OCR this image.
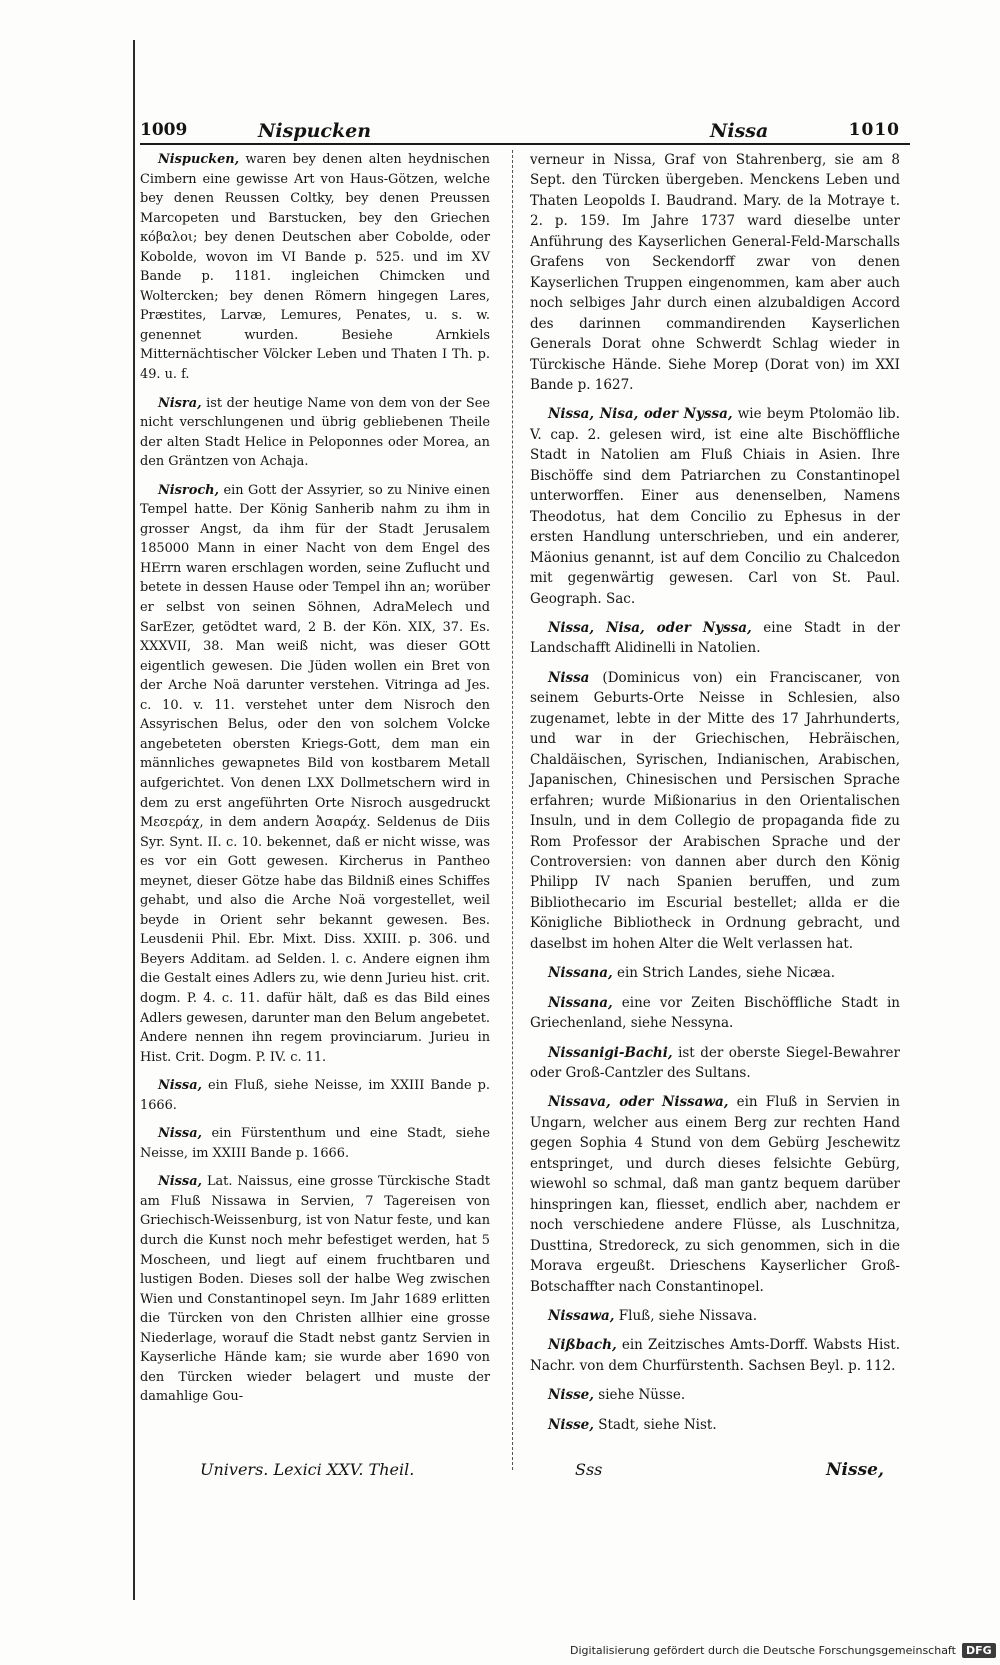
1009	Nispucken	Nissa	1010

Nispucken, waren bey denen alten heydnischen Cimbern eine gewisse Art von Haus-Götzen, welche bey denen Reussen Coltky, bey denen Preussen Marcopeten und Barstucken, bey den Griechen κόβαλοι; bey denen Deutschen aber Cobolde, oder Kobolde, wovon im VI Bande p. 525. und im XV Bande p. 1181. ingleichen Chimcken und Woltercken; bey denen Römern hingegen Lares, Præstites, Larvæ, Lemures, Penates, u. s. w. genennet wurden. Besiehe Arnkiels Mitternächtischer Völcker Leben und Thaten I Th. p. 49. u. f.

Nisra, ist der heutige Name von dem von der See nicht verschlungenen und übrig gebliebenen Theile der alten Stadt Helice in Peloponnes oder Morea, an den Gräntzen von Achaja.

Nisroch, ein Gott der Assyrier, so zu Ninive einen Tempel hatte. Der König Sanherib nahm zu ihm in grosser Angst, da ihm für der Stadt Jerusalem 185000 Mann in einer Nacht von dem Engel des HErrn waren erschlagen worden, seine Zuflucht und betete in dessen Hause oder Tempel ihn an; worüber er selbst von seinen Söhnen, AdraMelech und SarEzer, getödtet ward, 2 B. der Kön. XIX, 37. Es. XXXVII, 38. Man weiß nicht, was dieser GOtt eigentlich gewesen. Die Jüden wollen ein Bret von der Arche Noä darunter verstehen. Vitringa ad Jes. c. 10. v. 11. verstehet unter dem Nisroch den Assyrischen Belus, oder den von solchem Volcke angebeteten obersten Kriegs-Gott, dem man ein männliches gewapnetes Bild von kostbarem Metall aufgerichtet. Von denen LXX Dollmetschern wird in dem zu erst angeführten Orte Nisroch ausgedruckt Μεσεράχ, in dem andern Ἀσαράχ. Seldenus de Diis Syr. Synt. II. c. 10. bekennet, daß er nicht wisse, was es vor ein Gott gewesen. Kircherus in Pantheo meynet, dieser Götze habe das Bildniß eines Schiffes gehabt, und also die Arche Noä vorgestellet, weil beyde in Orient sehr bekannt gewesen. Bes. Leusdenii Phil. Ebr. Mixt. Diss. XXIII. p. 306. und Beyers Additam. ad Selden. l. c. Andere eignen ihm die Gestalt eines Adlers zu, wie denn Jurieu hist. crit. dogm. P. 4. c. 11. dafür hält, daß es das Bild eines Adlers gewesen, darunter man den Belum angebetet. Andere nennen ihn regem provinciarum. Jurieu in Hist. Crit. Dogm. P. IV. c. 11.

Nissa, ein Fluß, siehe Neisse, im XXIII Bande p. 1666.

Nissa, ein Fürstenthum und eine Stadt, siehe Neisse, im XXIII Bande p. 1666.

Nissa, Lat. Naissus, eine grosse Türckische Stadt am Fluß Nissawa in Servien, 7 Tagereisen von Griechisch-Weissenburg, ist von Natur feste, und kan durch die Kunst noch mehr befestiget werden, hat 5 Moscheen, und liegt auf einem fruchtbaren und lustigen Boden. Dieses soll der halbe Weg zwischen Wien und Constantinopel seyn. Im Jahr 1689 erlitten die Türcken von den Christen allhier eine grosse Niederlage, worauf die Stadt nebst gantz Servien in Kayserliche Hände kam; sie wurde aber 1690 von den Türcken wieder belagert und muste der damahlige Gou-

verneur in Nissa, Graf von Stahrenberg, sie am 8 Sept. den Türcken übergeben. Menckens Leben und Thaten Leopolds I. Baudrand. Mary. de la Motraye t. 2. p. 159. Im Jahre 1737 ward dieselbe unter Anführung des Kayserlichen General-Feld-Marschalls Grafens von Seckendorff zwar von denen Kayserlichen Truppen eingenommen, kam aber auch noch selbiges Jahr durch einen alzubaldigen Accord des darinnen commandirenden Kayserlichen Generals Dorat ohne Schwerdt Schlag wieder in Türckische Hände. Siehe Morep (Dorat von) im XXI Bande p. 1627.

Nissa, Nisa, oder Nyssa, wie beym Ptolomäo lib. V. cap. 2. gelesen wird, ist eine alte Bischöffliche Stadt in Natolien am Fluß Chiais in Asien. Ihre Bischöffe sind dem Patriarchen zu Constantinopel unterworffen. Einer aus denenselben, Namens Theodotus, hat dem Concilio zu Ephesus in der ersten Handlung unterschrieben, und ein anderer, Mäonius genannt, ist auf dem Concilio zu Chalcedon mit gegenwärtig gewesen. Carl von St. Paul. Geograph. Sac.

Nissa, Nisa, oder Nyssa, eine Stadt in der Landschafft Alidinelli in Natolien.

Nissa (Dominicus von) ein Franciscaner, von seinem Geburts-Orte Neisse in Schlesien, also zugenamet, lebte in der Mitte des 17 Jahrhunderts, und war in der Griechischen, Hebräischen, Chaldäischen, Syrischen, Indianischen, Arabischen, Japanischen, Chinesischen und Persischen Sprache erfahren; wurde Mißionarius in den Orientalischen Insuln, und in dem Collegio de propaganda fide zu Rom Professor der Arabischen Sprache und der Controversien: von dannen aber durch den König Philipp IV nach Spanien beruffen, und zum Bibliothecario im Escurial bestellet; allda er die Königliche Bibliotheck in Ordnung gebracht, und daselbst im hohen Alter die Welt verlassen hat.

Nissana, ein Strich Landes, siehe Nicæa.

Nissana, eine vor Zeiten Bischöffliche Stadt in Griechenland, siehe Nessyna.

Nissanigi-Bachi, ist der oberste Siegel-Bewahrer oder Groß-Cantzler des Sultans.

Nissava, oder Nissawa, ein Fluß in Servien in Ungarn, welcher aus einem Berg zur rechten Hand gegen Sophia 4 Stund von dem Gebürg Jeschewitz entspringet, und durch dieses felsichte Gebürg, wiewohl so schmal, daß man gantz bequem darüber hinspringen kan, fliesset, endlich aber, nachdem er noch verschiedene andere Flüsse, als Luschnitza, Dusttina, Stredoreck, zu sich genommen, sich in die Morava ergeußt. Drieschens Kayserlicher Groß-Botschaffter nach Constantinopel.

Nissawa, Fluß, siehe Nissava.

Nißbach, ein Zeitzisches Amts-Dorff. Wabsts Hist. Nachr. von dem Churfürstenth. Sachsen Beyl. p. 112.

Nisse, siehe Nüsse.

Nisse, Stadt, siehe Nist.

Univers. Lexici XXV. Theil.	Sss	Nisse,
Digitalisierung gefördert durch die Deutsche Forschungsgemeinschaft DFG
